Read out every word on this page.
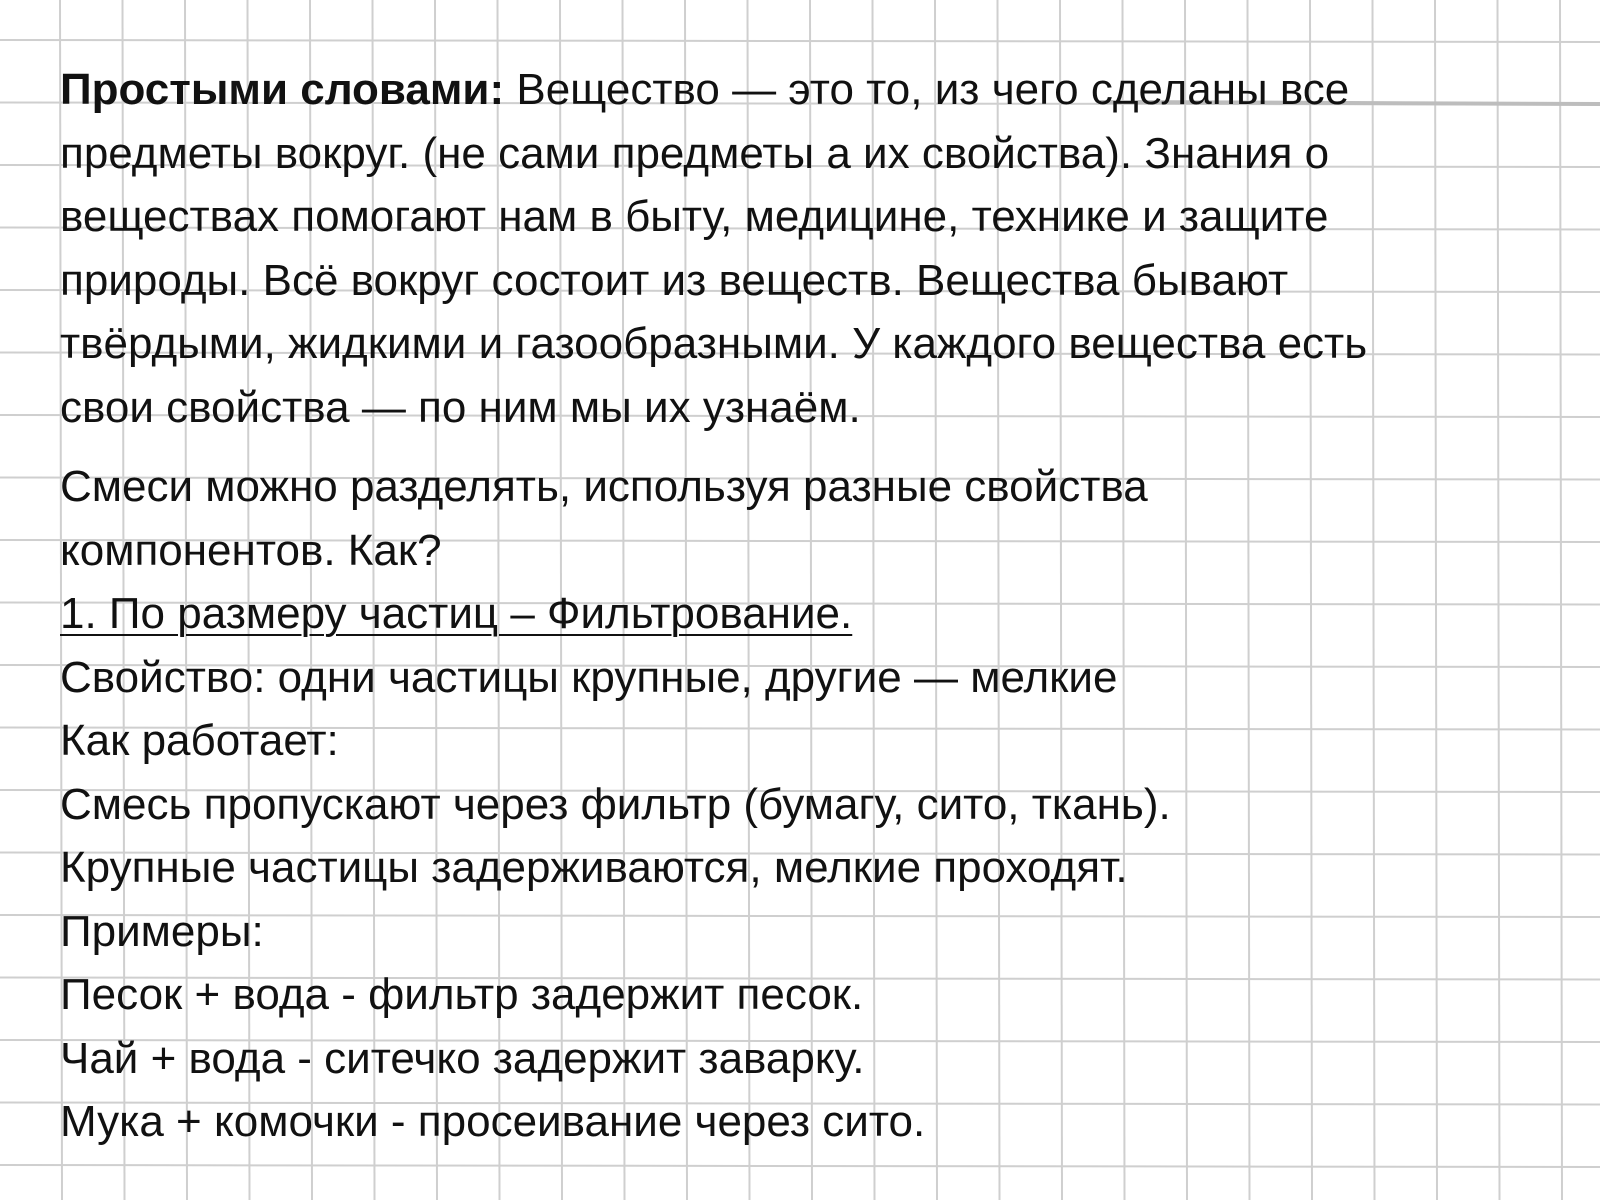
Простыми словами: Вещество — это то, из чего сделаны все
предметы вокруг. (не сами предметы а их свойства). Знания о
веществах помогают нам в быту, медицине, технике и защите
природы. Всё вокруг состоит из веществ. Вещества бывают
твёрдыми, жидкими и газообразными. У каждого вещества есть
свои свойства — по ним мы их узнаём.

Смеси можно разделять, используя разные свойства
компонентов. Как?
1. По размеру частиц – Фильтрование.
Свойство: одни частицы крупные, другие — мелкие
Как работает:
Смесь пропускают через фильтр (бумагу, сито, ткань).
Крупные частицы задерживаются, мелкие проходят.
Примеры:
Песок + вода - фильтр задержит песок.
Чай + вода - ситечко задержит заварку.
Мука + комочки - просеивание через сито.
